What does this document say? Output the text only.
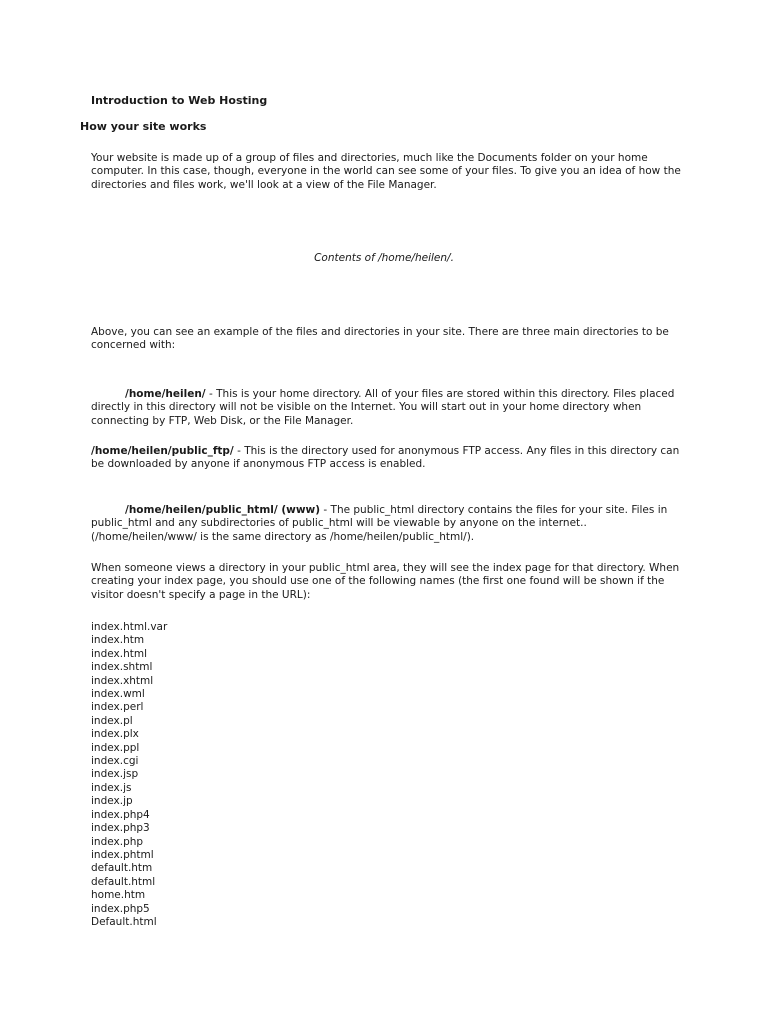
Introduction to Web Hosting
How your site works

Your website is made up of a group of files and directories, much like the Documents folder on your home computer. In this case, though, everyone in the world can see some of your files. To give you an idea of how the directories and files work, we'll look at a view of the File Manager.

Contents of /home/heilen/.

Above, you can see an example of the files and directories in your site. There are three main directories to be concerned with:

/home/heilen/ - This is your home directory. All of your files are stored within this directory. Files placed directly in this directory will not be visible on the Internet. You will start out in your home directory when connecting by FTP, Web Disk, or the File Manager.

/home/heilen/public_ftp/ - This is the directory used for anonymous FTP access. Any files in this directory can be downloaded by anyone if anonymous FTP access is enabled.

/home/heilen/public_html/ (www) - The public_html directory contains the files for your site. Files in public_html and any subdirectories of public_html will be viewable by anyone on the internet.. (/home/heilen/www/ is the same directory as /home/heilen/public_html/).

When someone views a directory in your public_html area, they will see the index page for that directory. When creating your index page, you should use one of the following names (the first one found will be shown if the visitor doesn't specify a page in the URL):

index.html.var
index.htm
index.html
index.shtml
index.xhtml
index.wml
index.perl
index.pl
index.plx
index.ppl
index.cgi
index.jsp
index.js
index.jp
index.php4
index.php3
index.php
index.phtml
default.htm
default.html
home.htm
index.php5
Default.html
